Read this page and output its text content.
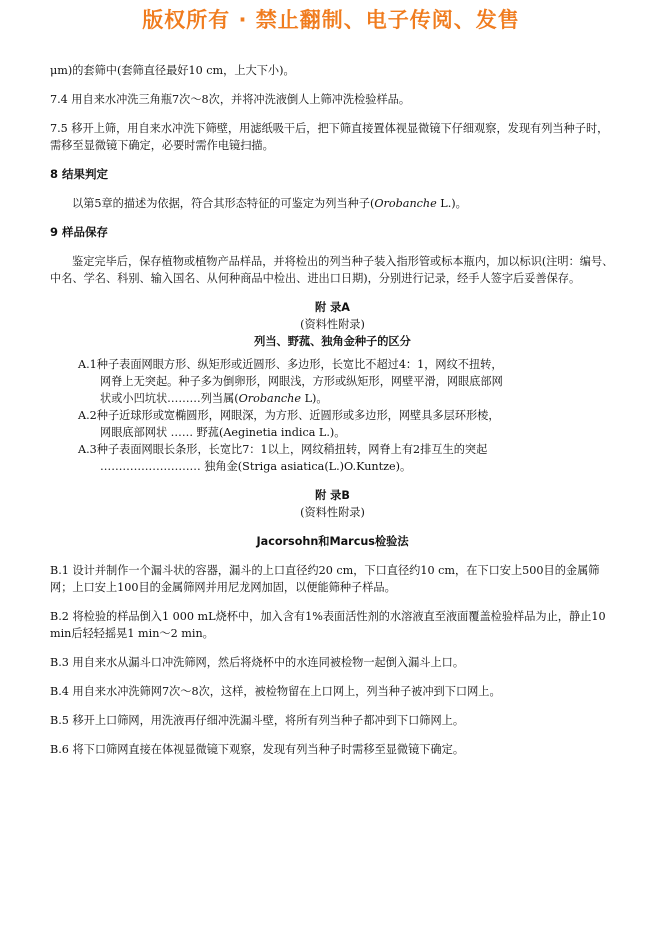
版权所有 · 禁止翻制、电子传阅、发售

μm)的套筛中(套筛直径最好10 cm，上大下小)。

7.4 用自来水冲洗三角瓶7次～8次，并将冲洗液倒人上筛冲洗检验样品。

7.5 移开上筛，用自来水冲洗下筛壁，用滤纸吸干后，把下筛直接置体视显微镜下仔细观察，发现有列当种子时，需移至显微镜下确定，必要时需作电镜扫描。

8 结果判定

以第5章的描述为依据，符合其形态特征的可鉴定为列当种子(Orobanche L.)。

9 样品保存

鉴定完毕后，保存植物或植物产品样品，并将检出的列当种子装入指形管或标本瓶内，加以标识(注明：编号、中名、学名、科别、输入国名、从何种商品中检出、进出口日期)，分别进行记录，经手人签字后妥善保存。

附 录A

(资料性附录)

列当、野菰、独角金种子的区分

A.1种子表面网眼方形、纵矩形或近圆形、多边形，长宽比不超过4：1，网纹不扭转，

网脊上无突起。种子多为倒卵形，网眼浅，方形或纵矩形，网壁平滑，网眼底部网

状或小凹坑状………列当属(Orobanche L)。

A.2种子近球形或宽椭圆形，网眼深，为方形、近圆形或多边形，网壁具多层环形棱，

网眼底部网状 …… 野菰(Aeginetia indica L.)。

A.3种子表面网眼长条形，长宽比7：1以上，网纹稍扭转，网脊上有2排互生的突起

……………………… 独角金(Striga asiatica(L.)O.Kuntze)。

附 录B

(资料性附录)

Jacorsohn和Marcus检验法

B.1 设计并制作一个漏斗状的容器，漏斗的上口直径约20 cm，下口直径约10 cm，在下口安上500目的金属筛网；上口安上100目的金属筛网并用尼龙网加固，以便能筛种子样品。

B.2 将检验的样品倒入1 000 mL烧杯中，加入含有1%表面活性剂的水溶液直至液面覆盖检验样品为止，静止10 min后轻轻摇晃1 min～2 min。

B.3 用自来水从漏斗口冲洗筛网，然后将烧杯中的水连同被检物一起倒入漏斗上口。

B.4 用自来水冲洗筛网7次～8次，这样，被检物留在上口网上，列当种子被冲到下口网上。

B.5 移开上口筛网，用洗液再仔细冲洗漏斗壁，将所有列当种子都冲到下口筛网上。

B.6 将下口筛网直接在体视显微镜下观察，发现有列当种子时需移至显微镜下确定。
